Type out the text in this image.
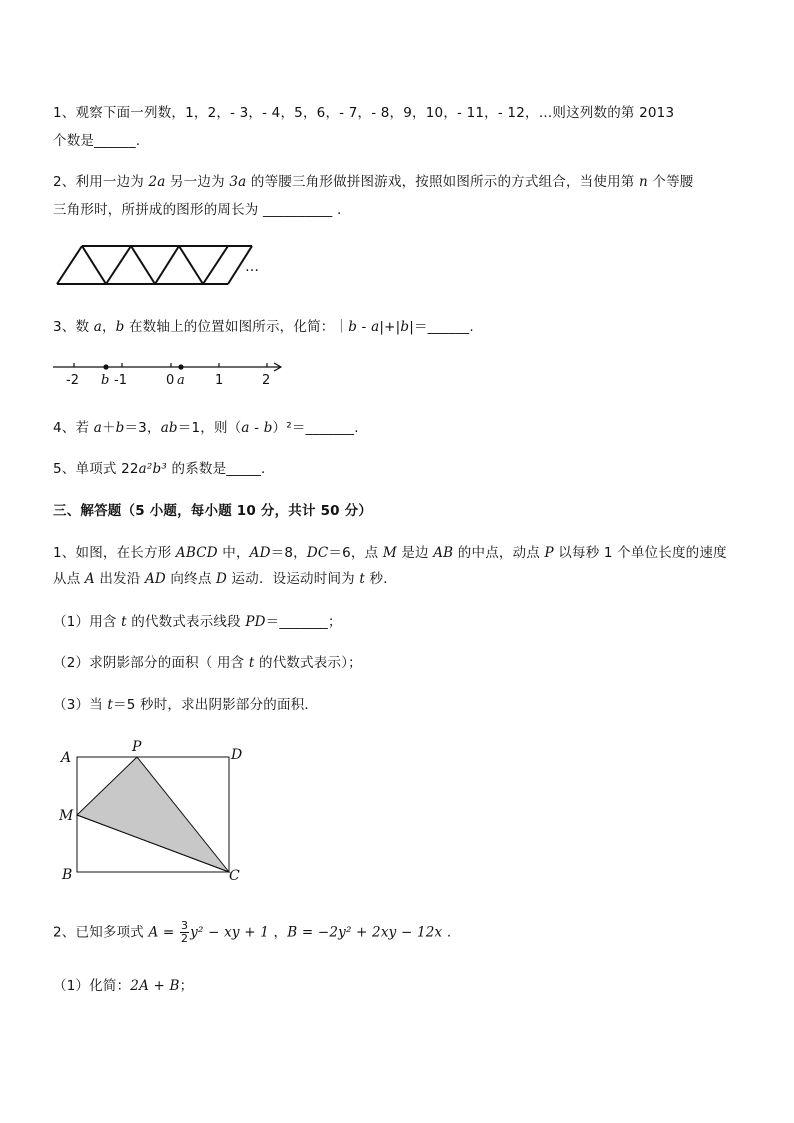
1、观察下面一列数，1，2，- 3，- 4，5，6，- 7，- 8，9，10，- 11，- 12，…则这列数的第 2013
个数是______.
2、利用一边为 2a 另一边为 3a 的等腰三角形做拼图游戏，按照如图所示的方式组合，当使用第 n 个等腰
三角形时，所拼成的图形的周长为 __________ .
…
3、数 a，b 在数轴上的位置如图所示，化简：｜b - a|+|b|＝______.
-2 b -1	0 a 1	2
4、若 a＋b＝3，ab＝1，则（a - b）²＝_______.
5、单项式 22a²b³ 的系数是_____.
三、解答题（5 小题，每小题 10 分，共计 50 分）
1、如图，在长方形 ABCD 中，AD＝8，DC＝6，点 M 是边 AB 的中点，动点 P 以每秒 1 个单位长度的速度
从点 A 出发沿 AD 向终点 D 运动．设运动时间为 t 秒．
（1）用含 t 的代数式表示线段 PD＝_______；
（2）求阴影部分的面积（ 用含 t 的代数式表示）；
（3）当 t＝5 秒时，求出阴影部分的面积．
A
P	D
M
B	C
2、已知多项式 $A = \frac{3}{2} y^2$ − xy + 1 ，B = −2y² + 2xy − 12x .
（1）化简：2A + B；
